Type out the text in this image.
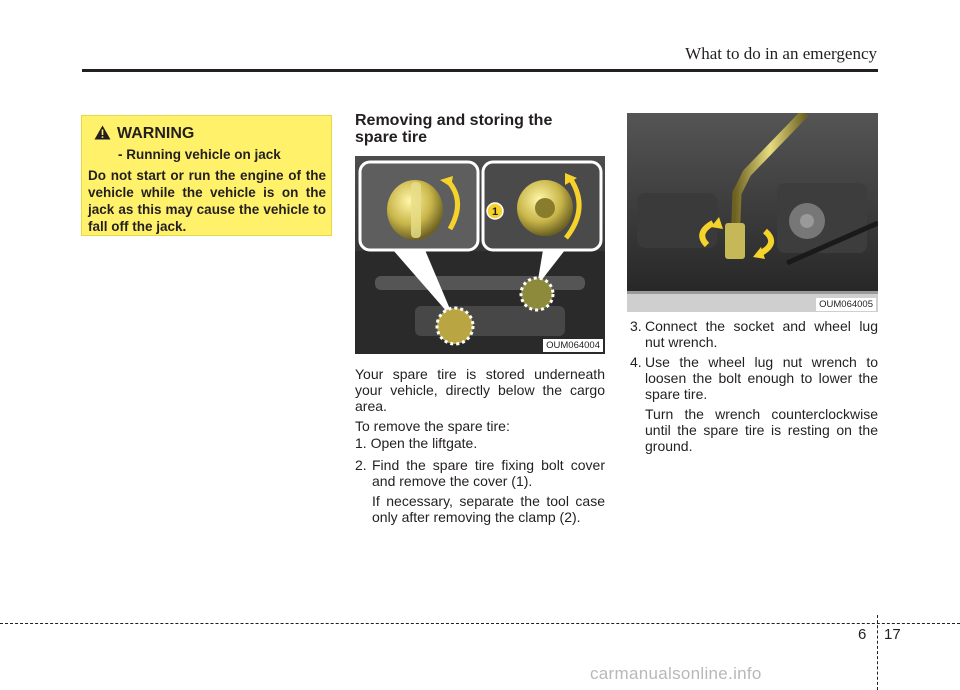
What to do in an emergency
WARNING
- Running vehicle on jack
Do not start or run the engine of the vehicle while the vehicle is on the jack as this may cause the vehicle to fall off the jack.
Removing and storing the
spare tire
1
OUM064004
OUM064005
Your spare tire is stored underneath your vehicle, directly below the cargo area.
To remove the spare tire:
1. Open the liftgate.
2. Find the spare tire fixing bolt cover and remove the cover (1).
If necessary, separate the tool case only after removing the clamp (2).
3. Connect the socket and wheel lug nut wrench.
4. Use the wheel lug nut wrench to loosen the bolt enough to lower the spare tire.
Turn the wrench counterclockwise until the spare tire is resting on the ground.
6 17
carmanualsonline.info
